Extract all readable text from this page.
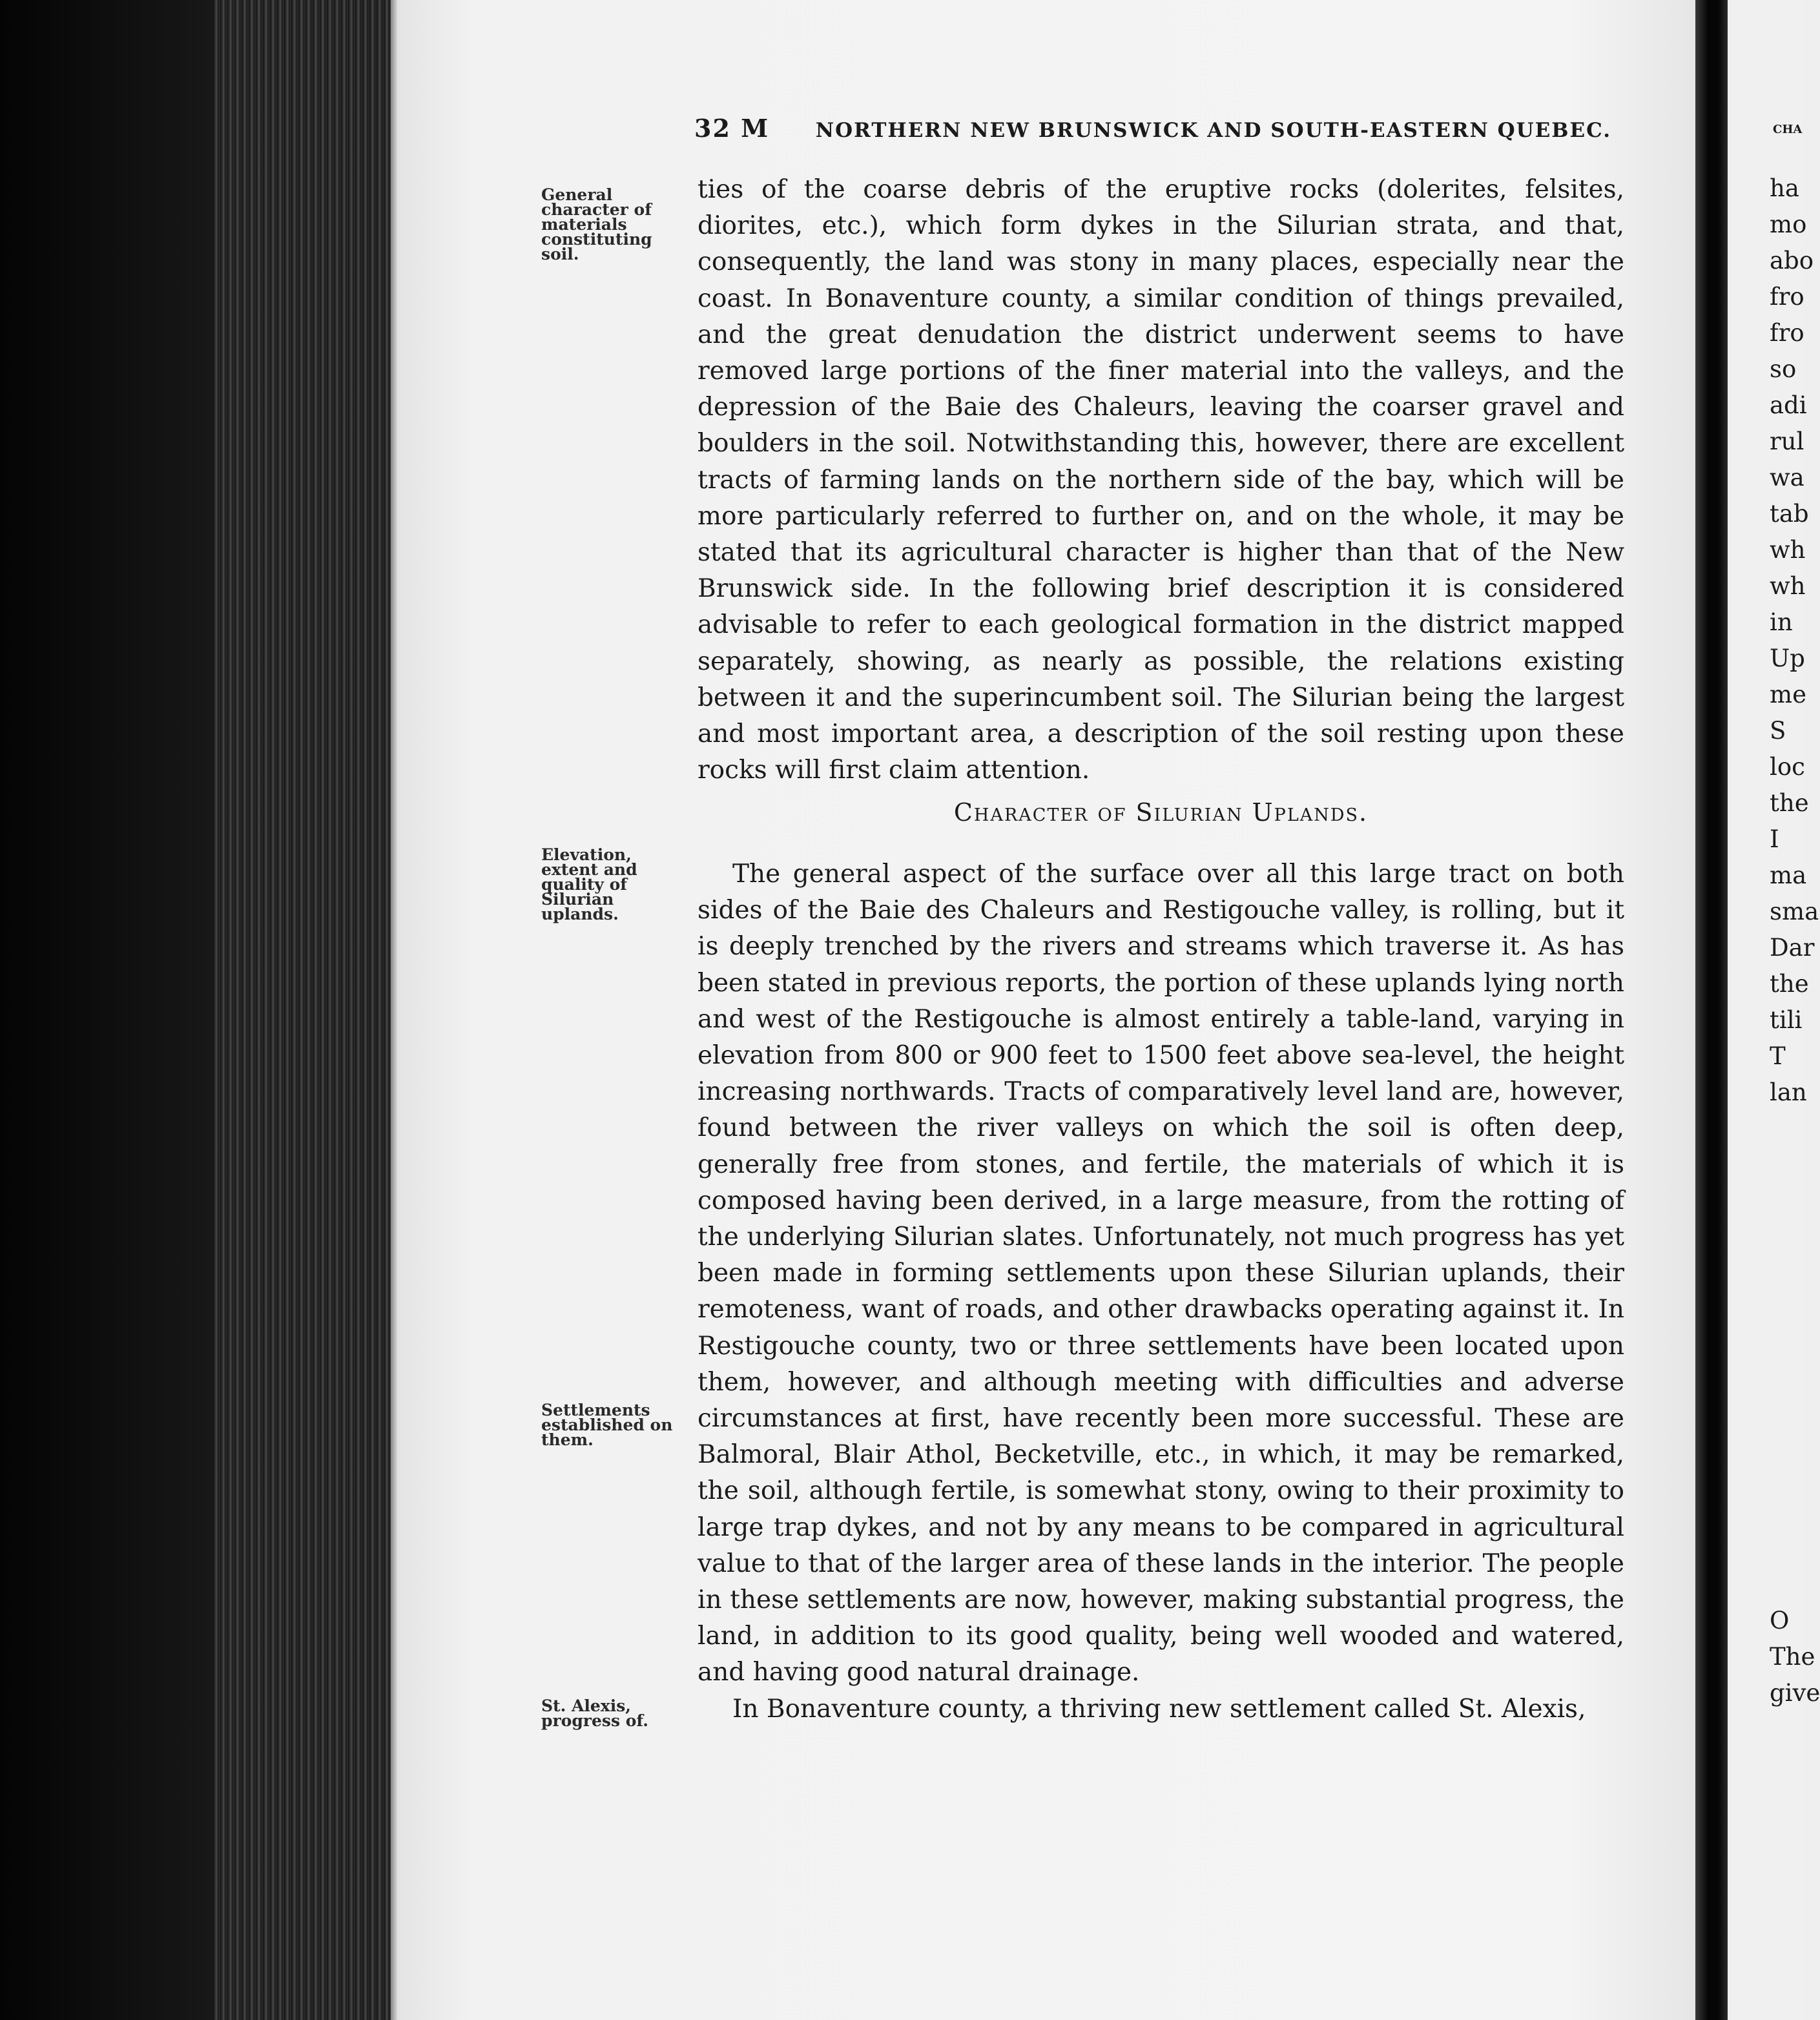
32 M NORTHERN NEW BRUNSWICK AND SOUTH-EASTERN QUEBEC.
General character of materials constituting soil.
Elevation, extent and quality of Silurian uplands.
Settlements established on them.
St. Alexis, progress of.

ties of the coarse debris of the eruptive rocks (dolerites, felsites, diorites, etc.), which form dykes in the Silurian strata, and that, consequently, the land was stony in many places, especially near the coast. In Bonaventure county, a similar condition of things prevailed, and the great denudation the district underwent seems to have removed large portions of the finer material into the valleys, and the depression of the Baie des Chaleurs, leaving the coarser gravel and boulders in the soil. Notwithstanding this, however, there are excellent tracts of farming lands on the northern side of the bay, which will be more particularly referred to further on, and on the whole, it may be stated that its agricultural character is higher than that of the New Brunswick side. In the following brief description it is considered advisable to refer to each geological formation in the district mapped separately, showing, as nearly as possible, the relations existing between it and the superincumbent soil. The Silurian being the largest and most important area, a description of the soil resting upon these rocks will first claim attention.

Character of Silurian Uplands.

The general aspect of the surface over all this large tract on both sides of the Baie des Chaleurs and Restigouche valley, is rolling, but it is deeply trenched by the rivers and streams which traverse it. As has been stated in previous reports, the portion of these uplands lying north and west of the Restigouche is almost entirely a table-land, varying in elevation from 800 or 900 feet to 1500 feet above sea-level, the height increasing northwards. Tracts of comparatively level land are, however, found between the river valleys on which the soil is often deep, generally free from stones, and fertile, the materials of which it is composed having been derived, in a large measure, from the rotting of the underlying Silurian slates. Unfortunately, not much progress has yet been made in forming settlements upon these Silurian uplands, their remoteness, want of roads, and other drawbacks operating against it. In Restigouche county, two or three settlements have been located upon them, however, and although meeting with difficulties and adverse circumstances at first, have recently been more successful. These are Balmoral, Blair Athol, Becketville, etc., in which, it may be remarked, the soil, although fertile, is somewhat stony, owing to their proximity to large trap dykes, and not by any means to be compared in agricultural value to that of the larger area of these lands in the interior. The people in these settlements are now, however, making substantial progress, the land, in addition to its good quality, being well wooded and watered, and having good natural drainage.

In Bonaventure county, a thriving new settlement called St. Alexis,

CHA
ha
mo
abo
fro
fro
so
adi
rul
wa
tab
wh
wh
in
Up
me
S
loc
the
I
ma
sma
Dar
the
tili
T
lan
O
The
give
